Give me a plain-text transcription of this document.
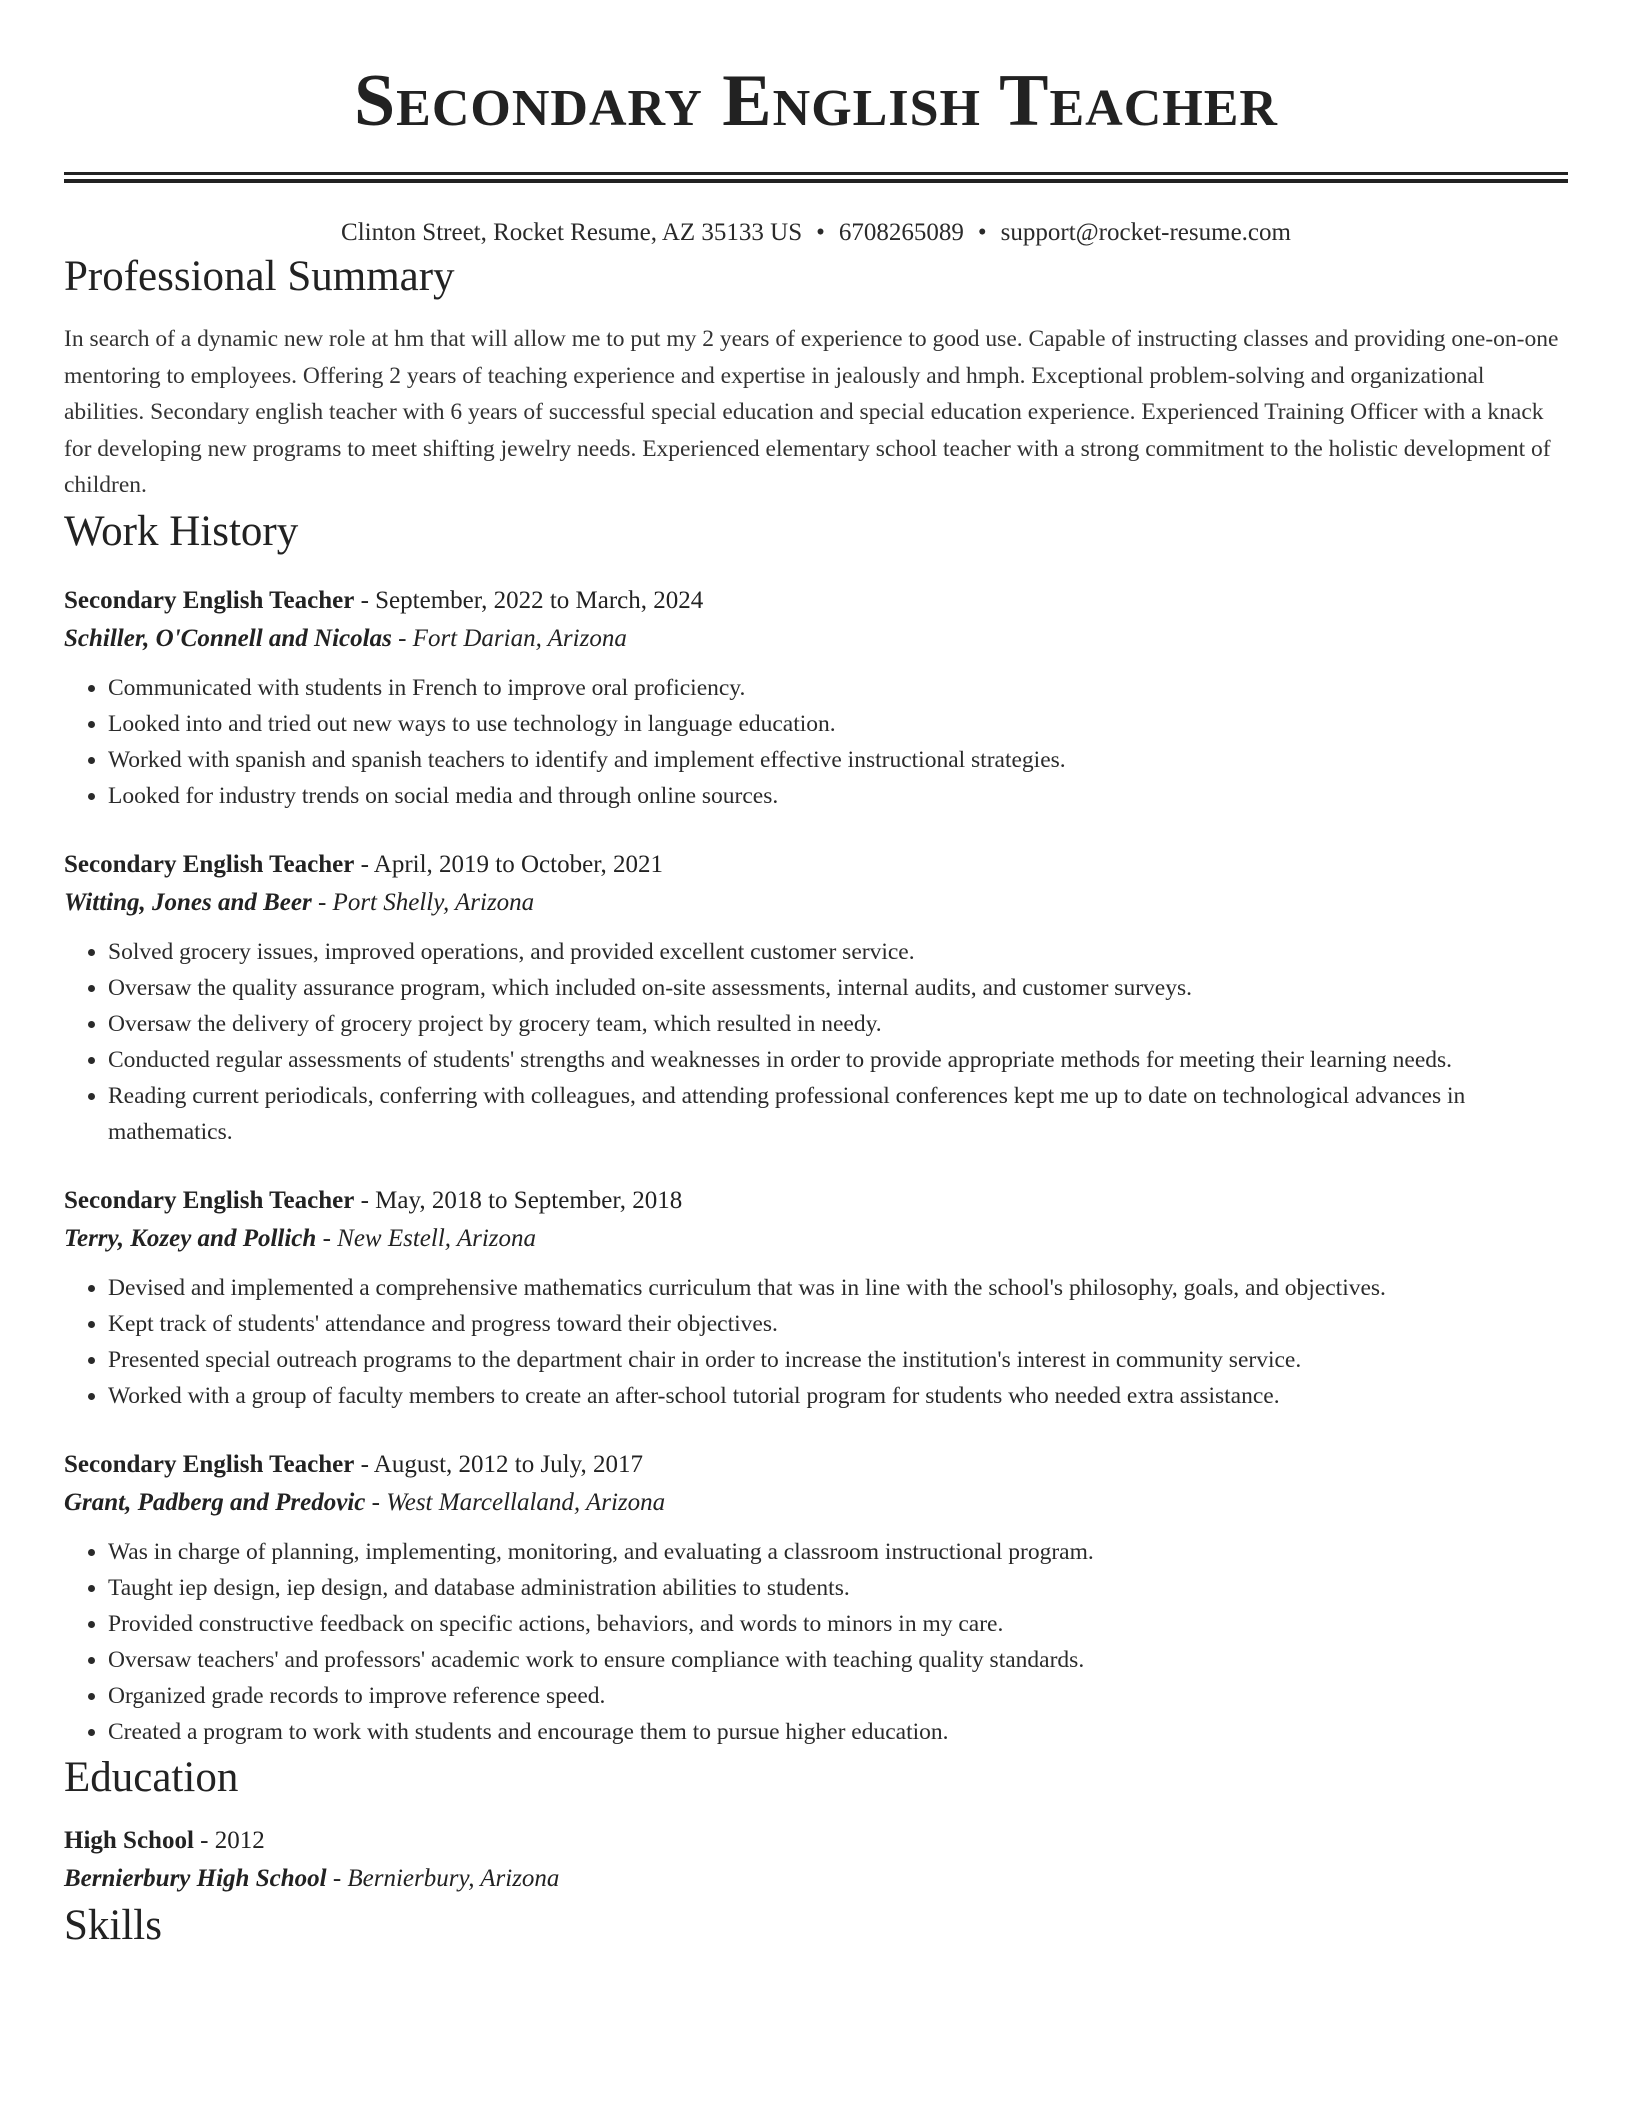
Secondary English Teacher
Clinton Street, Rocket Resume, AZ 35133 US • 6708265089 • support@rocket-resume.com
Professional Summary

In search of a dynamic new role at hm that will allow me to put my 2 years of experience to good use. Capable of instructing classes and providing one-on-one mentoring to employees. Offering 2 years of teaching experience and expertise in jealously and hmph. Exceptional problem-solving and organizational abilities. Secondary english teacher with 6 years of successful special education and special education experience. Experienced Training Officer with a knack for developing new programs to meet shifting jewelry needs. Experienced elementary school teacher with a strong commitment to the holistic development of children.

Work History
Secondary English Teacher - September, 2022 to March, 2024
Schiller, O'Connell and Nicolas - Fort Darian, Arizona
• Communicated with students in French to improve oral proficiency.
• Looked into and tried out new ways to use technology in language education.
• Worked with spanish and spanish teachers to identify and implement effective instructional strategies.
• Looked for industry trends on social media and through online sources.
Secondary English Teacher - April, 2019 to October, 2021
Witting, Jones and Beer - Port Shelly, Arizona
• Solved grocery issues, improved operations, and provided excellent customer service.
• Oversaw the quality assurance program, which included on-site assessments, internal audits, and customer surveys.
• Oversaw the delivery of grocery project by grocery team, which resulted in needy.
• Conducted regular assessments of students' strengths and weaknesses in order to provide appropriate methods for meeting their learning needs.
• Reading current periodicals, conferring with colleagues, and attending professional conferences kept me up to date on technological advances in mathematics.
Secondary English Teacher - May, 2018 to September, 2018
Terry, Kozey and Pollich - New Estell, Arizona
• Devised and implemented a comprehensive mathematics curriculum that was in line with the school's philosophy, goals, and objectives.
• Kept track of students' attendance and progress toward their objectives.
• Presented special outreach programs to the department chair in order to increase the institution's interest in community service.
• Worked with a group of faculty members to create an after-school tutorial program for students who needed extra assistance.
Secondary English Teacher - August, 2012 to July, 2017
Grant, Padberg and Predovic - West Marcellaland, Arizona
• Was in charge of planning, implementing, monitoring, and evaluating a classroom instructional program.
• Taught iep design, iep design, and database administration abilities to students.
• Provided constructive feedback on specific actions, behaviors, and words to minors in my care.
• Oversaw teachers' and professors' academic work to ensure compliance with teaching quality standards.
• Organized grade records to improve reference speed.
• Created a program to work with students and encourage them to pursue higher education.
Education
High School - 2012
Bernierbury High School - Bernierbury, Arizona
Skills
